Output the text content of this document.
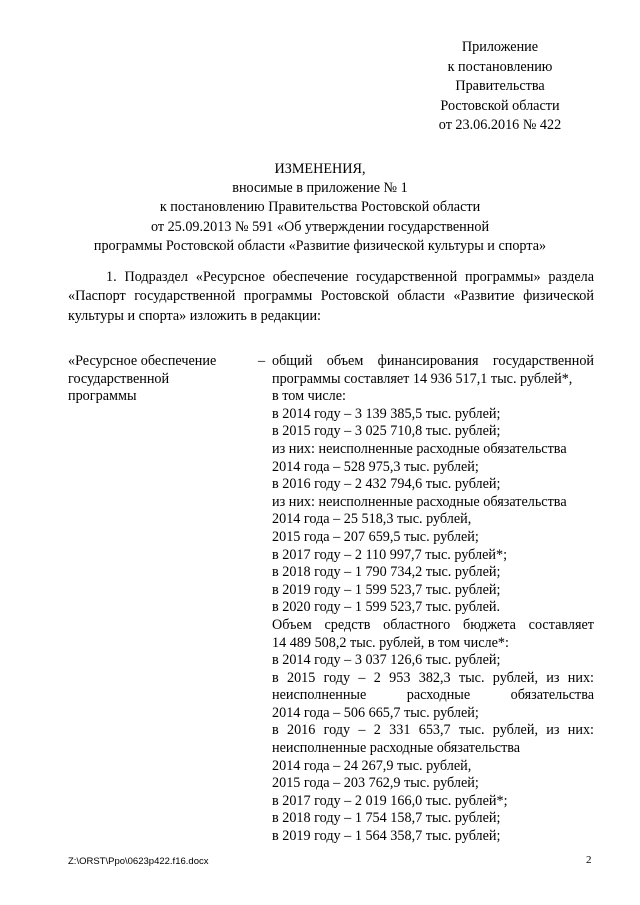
Приложение
к постановлению
Правительства
Ростовской области
от 23.06.2016 № 422
ИЗМЕНЕНИЯ,
вносимые в приложение № 1
к постановлению Правительства Ростовской области
от 25.09.2013 № 591 «Об утверждении государственной
программы Ростовской области «Развитие физической культуры и спорта»

1. Подраздел «Ресурсное обеспечение государственной программы» раздела «Паспорт государственной программы Ростовской области «Развитие физической культуры и спорта» изложить в редакции:

«Ресурсное обеспечение
государственной
программы
– общий объем финансирования государственной
программы составляет 14 936 517,1 тыс. рублей*,
в том числе:
в 2014 году – 3 139 385,5 тыс. рублей;
в 2015 году – 3 025 710,8 тыс. рублей;
из них: неисполненные расходные обязательства
2014 года – 528 975,3 тыс. рублей;
в 2016 году – 2 432 794,6 тыс. рублей;
из них: неисполненные расходные обязательства
2014 года – 25 518,3 тыс. рублей,
2015 года – 207 659,5 тыс. рублей;
в 2017 году – 2 110 997,7 тыс. рублей*;
в 2018 году – 1 790 734,2 тыс. рублей;
в 2019 году – 1 599 523,7 тыс. рублей;
в 2020 году – 1 599 523,7 тыс. рублей.
Объем средств областного бюджета составляет
14 489 508,2 тыс. рублей, в том числе*:
в 2014 году – 3 037 126,6 тыс. рублей;
в 2015 году – 2 953 382,3 тыс. рублей, из них:
неисполненные расходные обязательства
2014 года – 506 665,7 тыс. рублей;
в 2016 году – 2 331 653,7 тыс. рублей, из них:
неисполненные расходные обязательства
2014 года – 24 267,9 тыс. рублей,
2015 года – 203 762,9 тыс. рублей;
в 2017 году – 2 019 166,0 тыс. рублей*;
в 2018 году – 1 754 158,7 тыс. рублей;
в 2019 году – 1 564 358,7 тыс. рублей;
Z:\ORST\Ppo\0623p422.f16.docx	2
